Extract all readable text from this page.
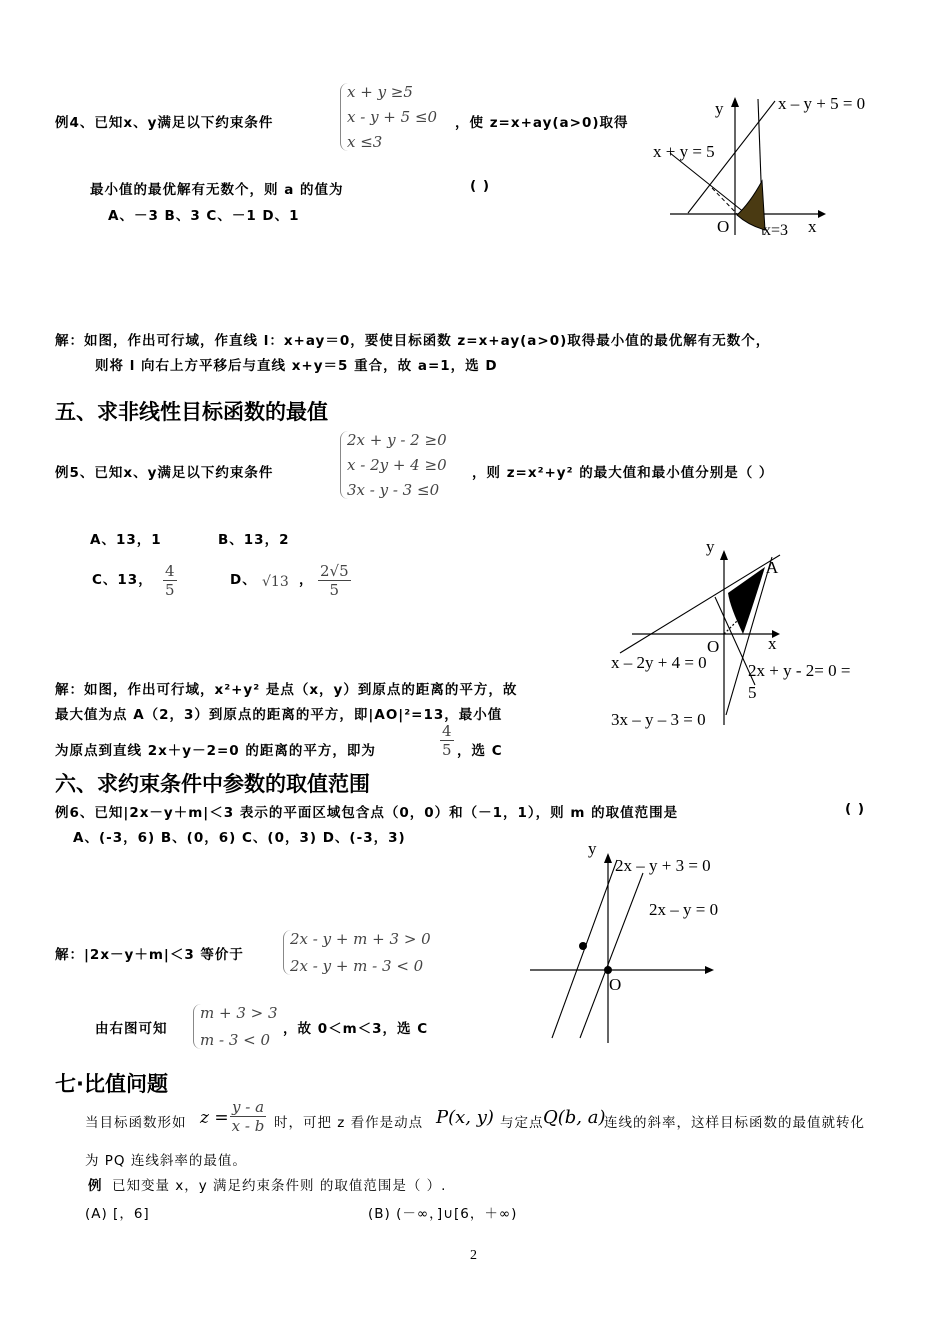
例4、已知x、y满足以下约束条件
x + y ≥5
x - y + 5 ≤0
x ≤3
，使 z=x+ay(a>0)取得
最小值的最优解有无数个，则 a 的值为	( )
A、－3 B、3 C、－1 D、1
y
x
O
x – y + 5 = 0
x + y = 5
x=3
解：如图，作出可行域，作直线 l：x+ay＝0，要使目标函数 z=x+ay(a>0)取得最小值的最优解有无数个，
则将 l 向右上方平移后与直线 x+y＝5 重合，故 a=1，选 D
五、求非线性目标函数的最值
例5、已知x、y满足以下约束条件
2x + y - 2 ≥0
x - 2y + 4 ≥0
3x - y - 3 ≤0
，则 z=x²+y² 的最大值和最小值分别是（ ）
A、13，1	B、13，2
C、13， $\frac{4}{5}$	D、 √13 ， $\frac{2√5}{5}$
y
x
O
A
x – 2y + 4 = 0 2x + y - 2= 0 =
5
3x – y – 3 = 0
解：如图，作出可行域，x²+y² 是点（x，y）到原点的距离的平方，故
最大值为点 A（2，3）到原点的距离的平方，即|AO|²=13，最小值
为原点到直线 2x＋y－2=0 的距离的平方，即为	$\frac{4}{5}$ ，选 C
六、求约束条件中参数的取值范围
例6、已知|2x－y＋m|＜3 表示的平面区域包含点（0，0）和（－1，1），则 m 的取值范围是	( )
A、(-3，6) B、(0，6) C、(0，3) D、(-3，3)
y
O
2x – y + 3 = 0
2x – y = 0
解：|2x－y＋m|＜3 等价于
2x - y + m + 3 > 0
2x - y + m - 3 < 0
由右图可知
m + 3 > 3
m - 3 < 0
，故 0＜m＜3，选 C
七·比值问题
当目标函数形如 $z = \frac{y - a}{x - b}$ 时，可把 z 看作是动点 P(x, y) 与定点 Q(b, a)
连线的斜率，这样目标函数的最值就转化
为 PQ 连线斜率的最值。
例 已知变量 x，y 满足约束条件则 的取值范围是（ ）.
(A) [，6]	(B) (－∞，]∪[6，＋∞)
2
